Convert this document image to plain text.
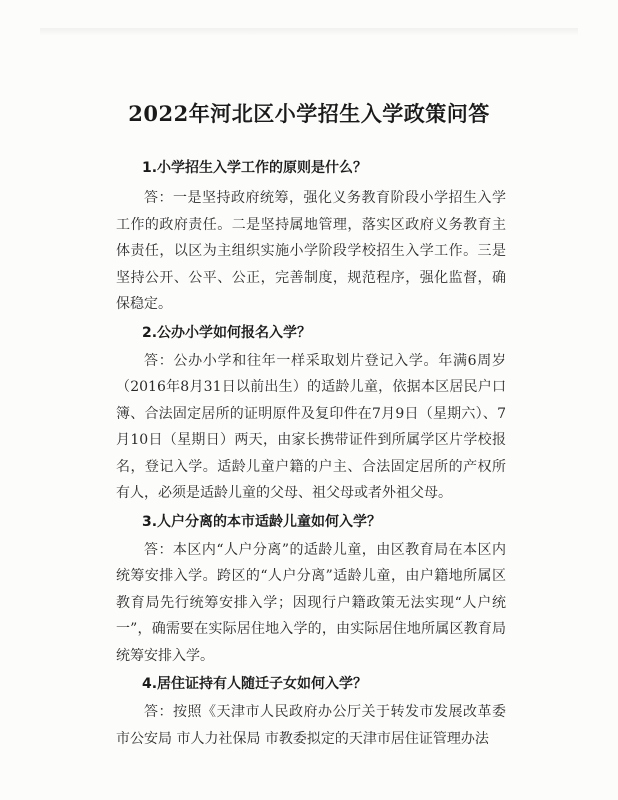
2022年河北区小学招生入学政策问答
1.小学招生入学工作的原则是什么？

答：一是坚持政府统筹，强化义务教育阶段小学招生入学工作的政府责任。二是坚持属地管理，落实区政府义务教育主体责任，以区为主组织实施小学阶段学校招生入学工作。三是坚持公开、公平、公正，完善制度，规范程序，强化监督，确保稳定。

2.公办小学如何报名入学？

答：公办小学和往年一样采取划片登记入学。年满6周岁（2016年8月31日以前出生）的适龄儿童，依据本区居民户口簿、合法固定居所的证明原件及复印件在7月9日（星期六）、7月10日（星期日）两天，由家长携带证件到所属学区片学校报名，登记入学。适龄儿童户籍的户主、合法固定居所的产权所有人，必须是适龄儿童的父母、祖父母或者外祖父母。

3.人户分离的本市适龄儿童如何入学？

答：本区内“人户分离”的适龄儿童，由区教育局在本区内统筹安排入学。跨区的“人户分离”适龄儿童，由户籍地所属区教育局先行统筹安排入学；因现行户籍政策无法实现“人户统一”，确需要在实际居住地入学的，由实际居住地所属区教育局统筹安排入学。

4.居住证持有人随迁子女如何入学？

答：按照《天津市人民政府办公厅关于转发市发展改革委市公安局 市人力社保局 市教委拟定的天津市居住证管理办法
